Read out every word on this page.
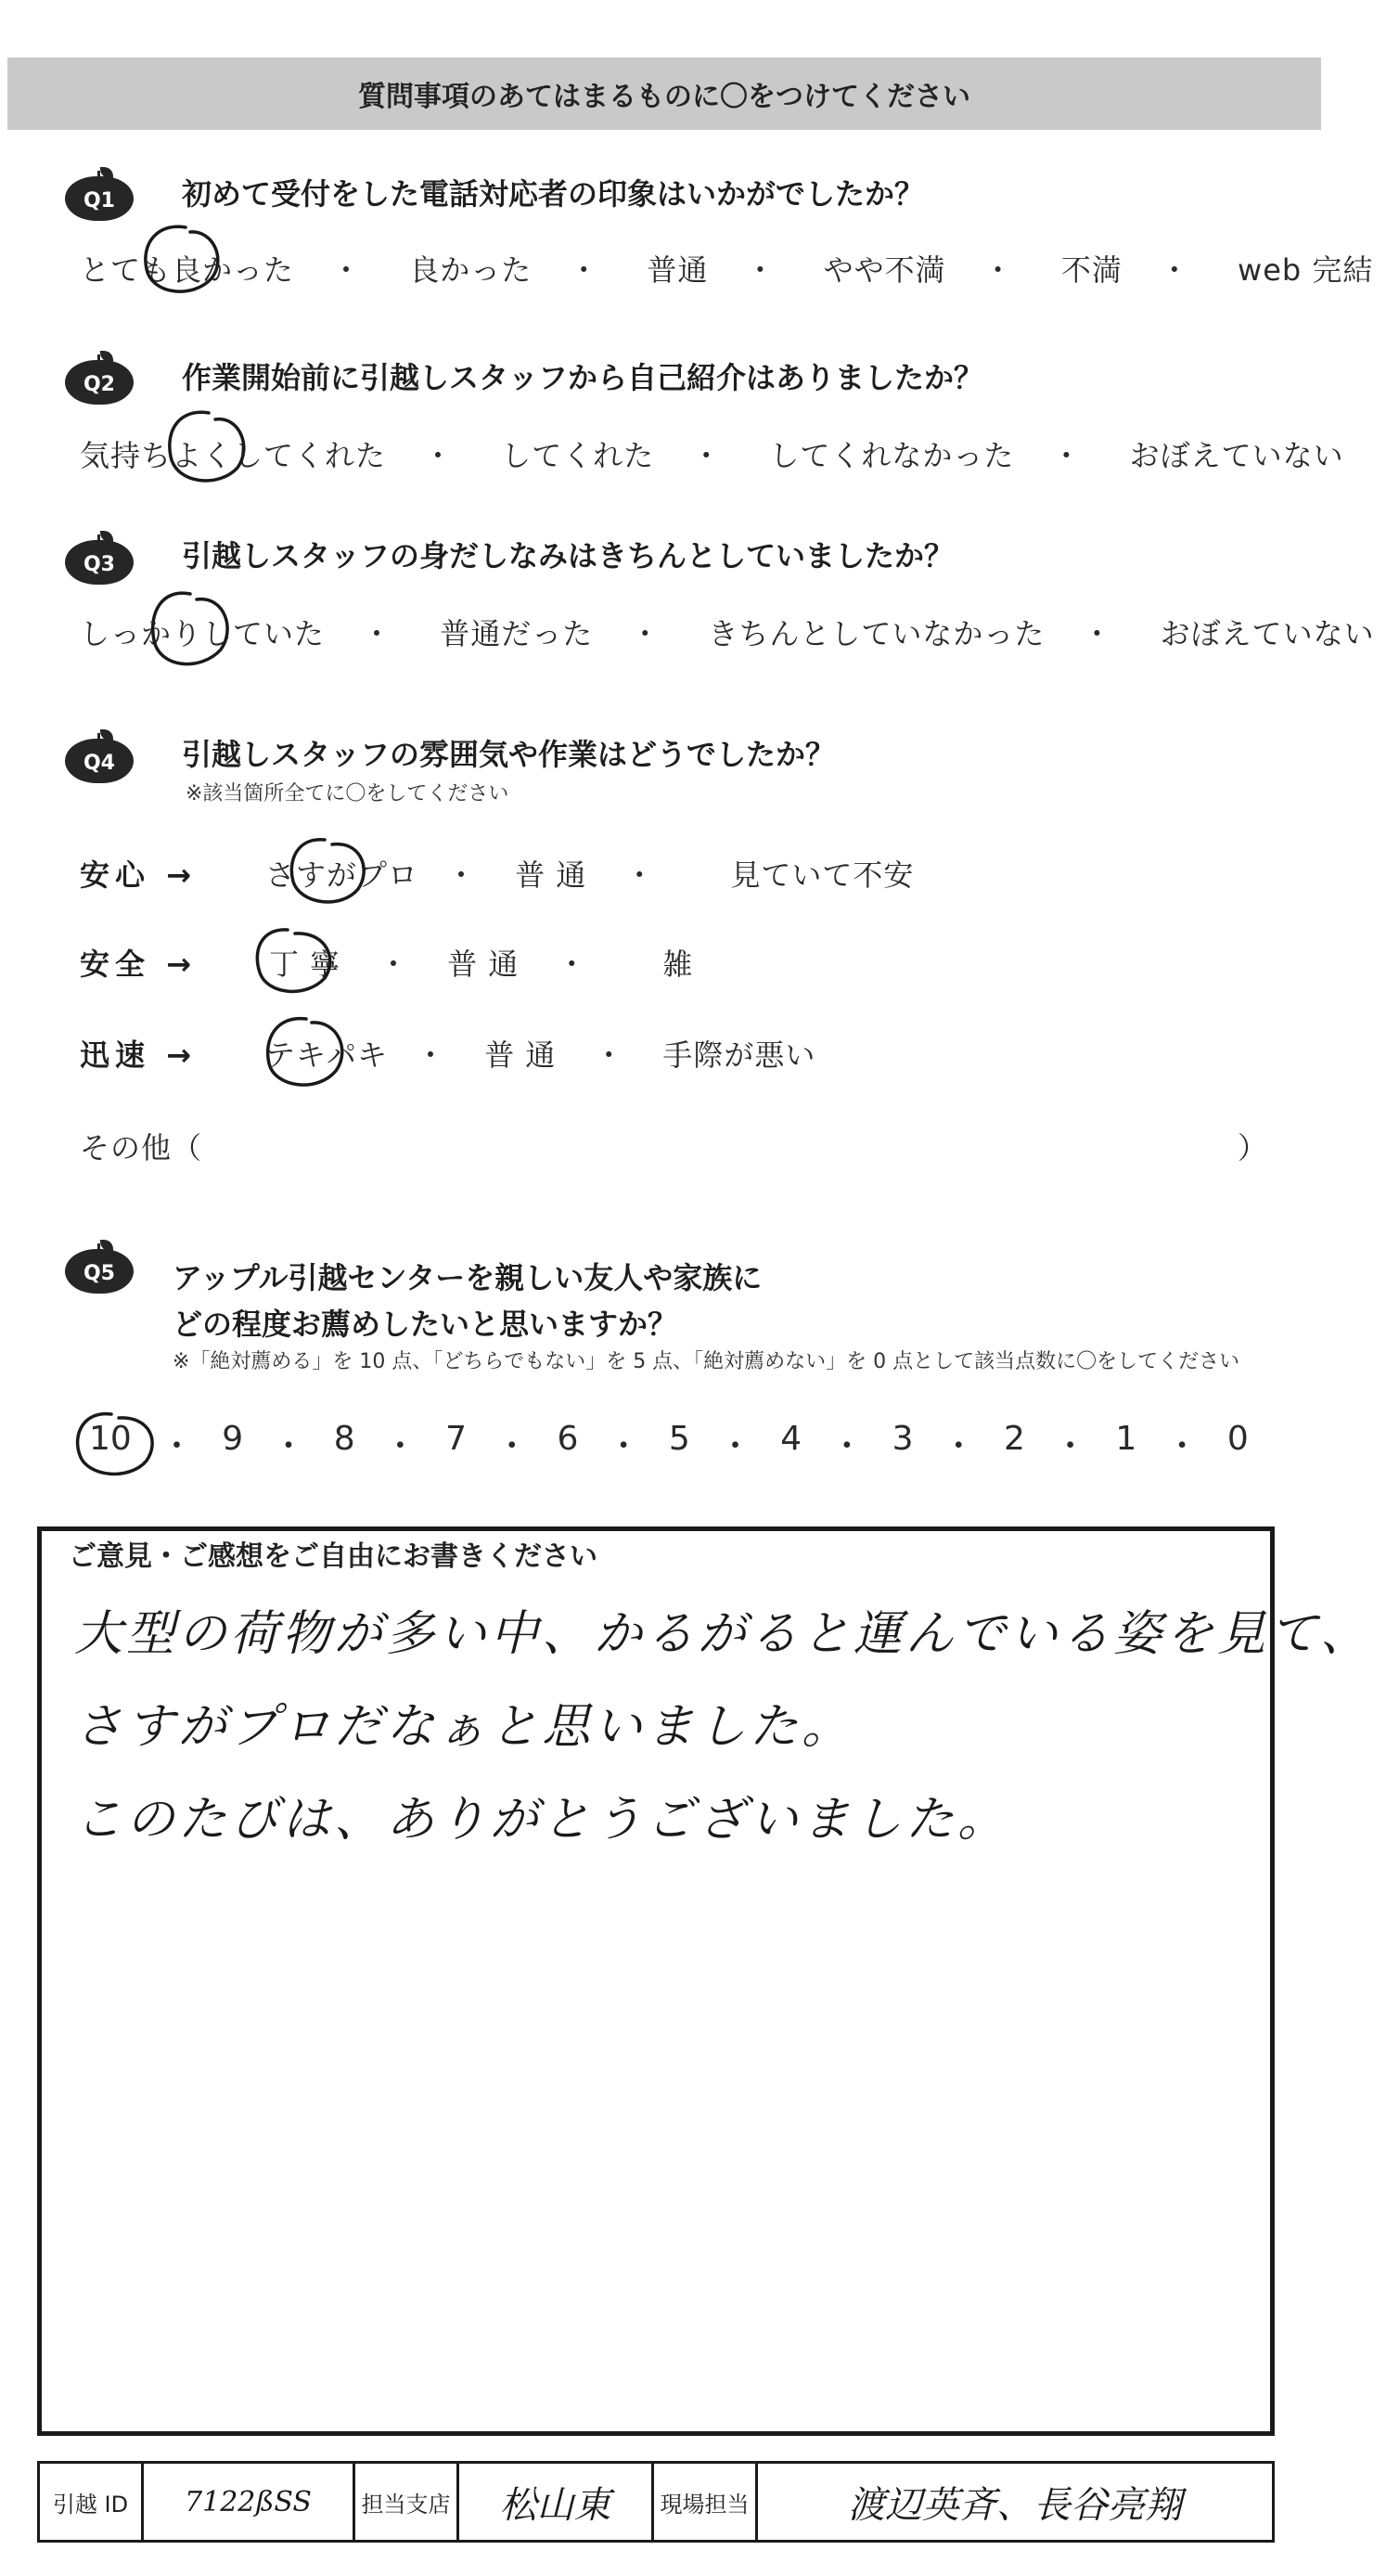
質問事項のあてはまるものに〇をつけてください
Q1	初めて受付をした電話対応者の印象はいかがでしたか？
とても良かった ・ 良かった ・ 普通 ・ やや不満 ・ 不満 ・ web 完結
Q2	作業開始前に引越しスタッフから自己紹介はありましたか？
気持ちよくしてくれた ・ してくれた ・ してくれなかった ・ おぼえていない
Q3	引越しスタッフの身だしなみはきちんとしていましたか？
しっかりしていた ・ 普通だった ・ きちんとしていなかった ・ おぼえていない
Q4	引越しスタッフの雰囲気や作業はどうでしたか？
※該当箇所全てに〇をしてください
安心 → さすがプロ ・ 普通 ・	見ていて不安
安全 → 丁寧 ・ 普通 ・	雑
迅速 → テキパキ ・ 普通 ・ 手際が悪い
その他（	）
Q5	アップル引越センターを親しい友人や家族に
どの程度お薦めしたいと思いますか？
※「絶対薦める」を 10 点、「どちらでもない」を 5 点、「絶対薦めない」を 0 点として該当点数に〇をしてください
10 ・ 9 ・ 8 ・ 7 ・ 6 ・ 5 ・ 4 ・ 3 ・ 2 ・ 1 ・ 0
ご意見・ご感想をご自由にお書きください
大型の荷物が多い中、かるがると運んでいる姿を見て、
さすがプロだなぁと思いました。
このたびは、ありがとうございました。
引越 ID 7122ßSS 担当支店 松山東 現場担当	渡辺英斉、長谷亮翔
